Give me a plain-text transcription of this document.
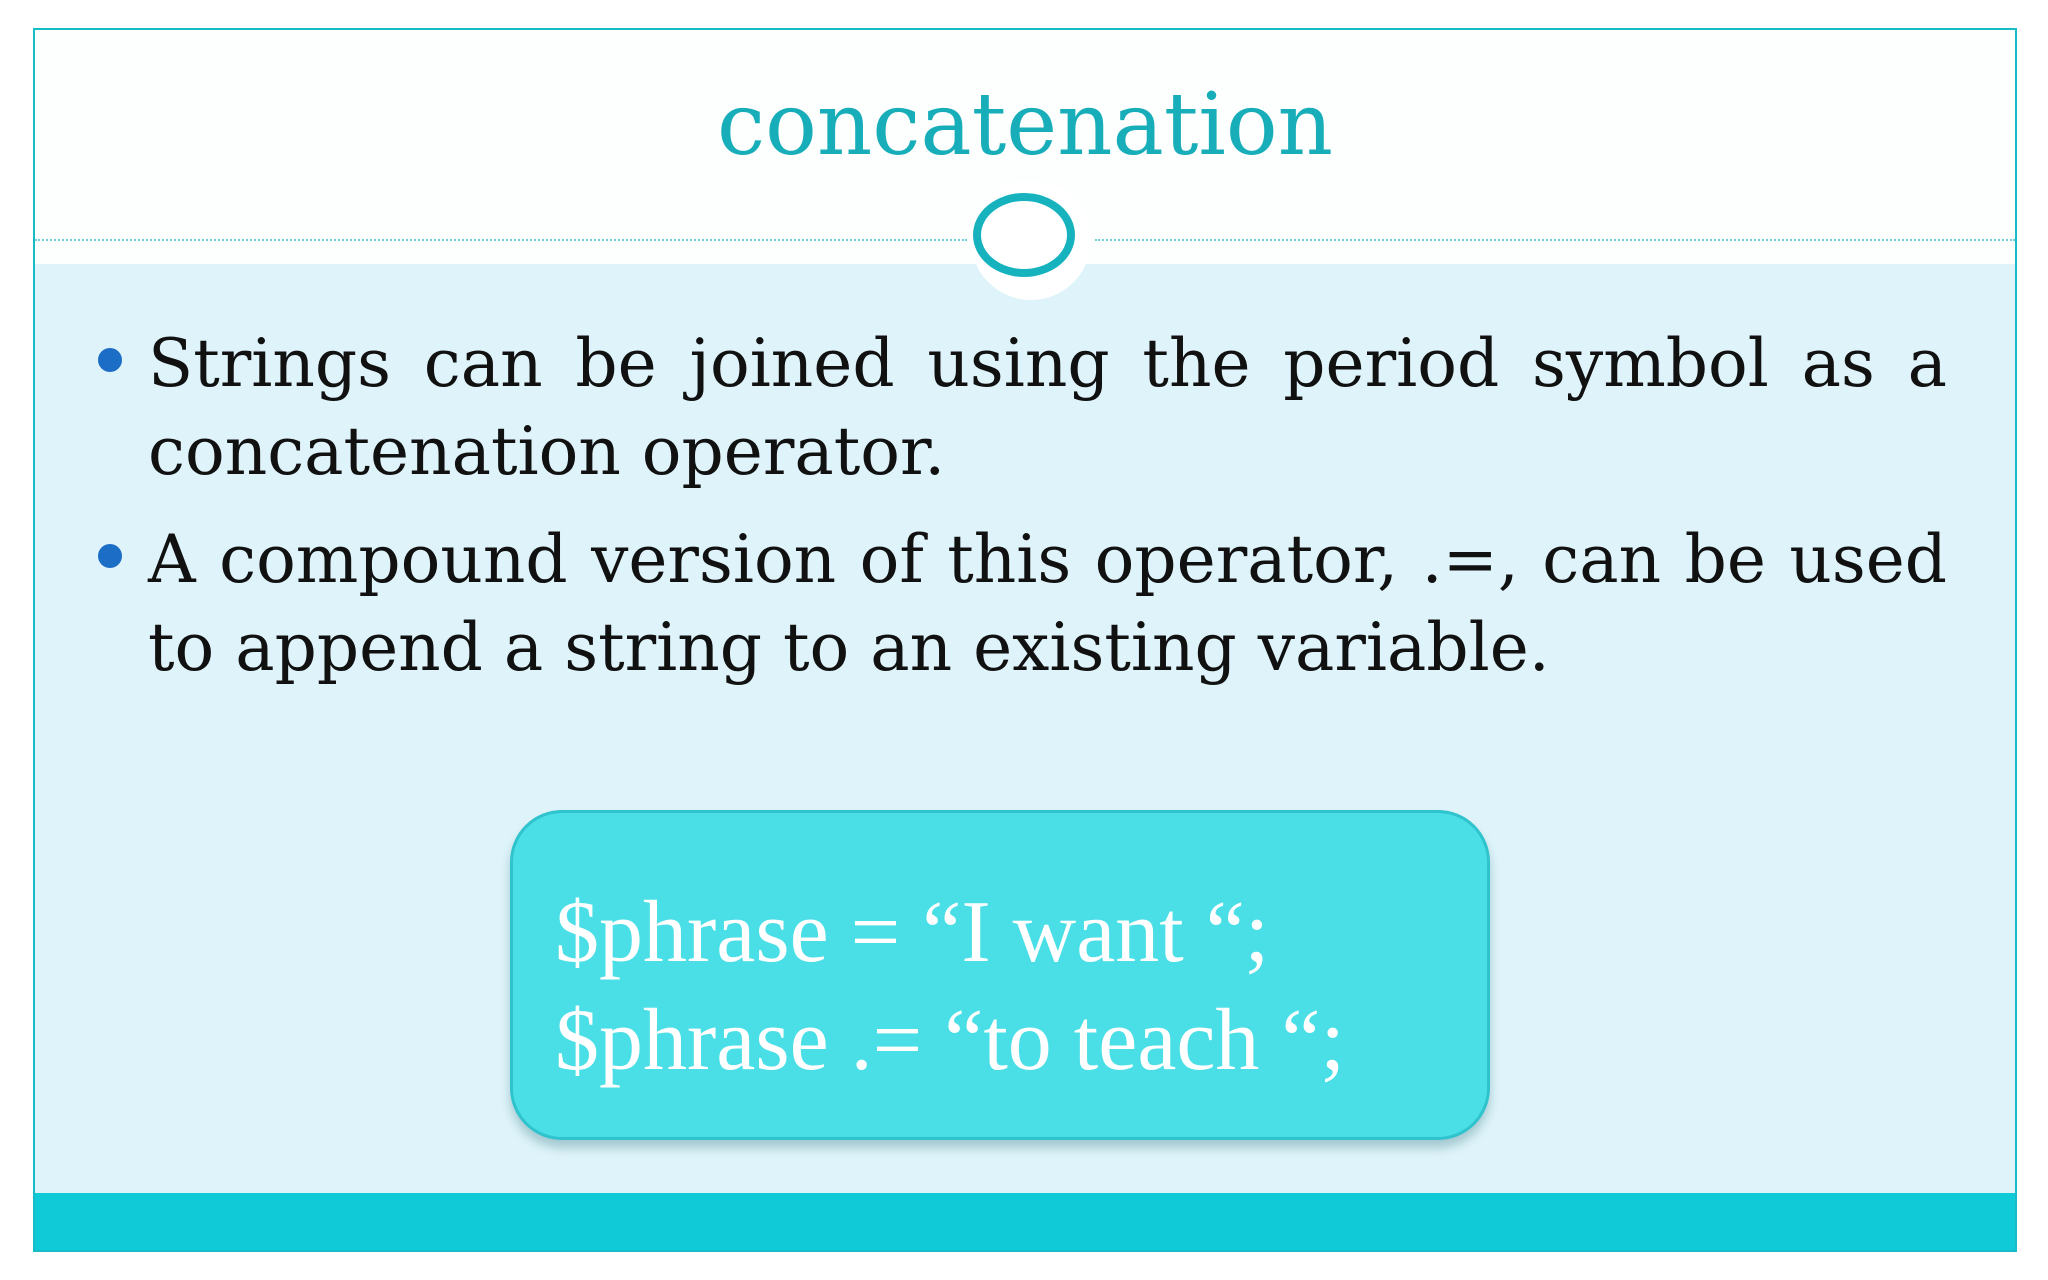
concatenation
Strings can be joined using the period symbol as a concatenation operator.
A compound version of this operator, .=, can be used to append a string to an existing variable.
$phrase = “I want “;
$phrase .= “to teach “;
